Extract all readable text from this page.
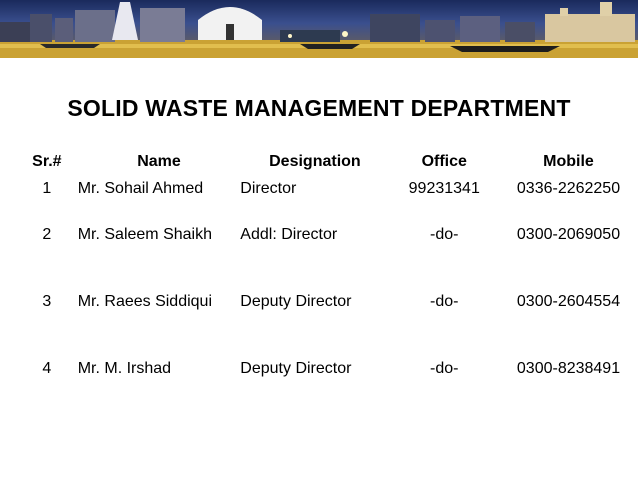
SOLID WASTE MANAGEMENT DEPARTMENT
Sr.#	Name	Designation	Office	Mobile
1	Mr. Sohail Ahmed	Director	99231341	0336-2262250
2	Mr. Saleem Shaikh	Addl: Director	-do-	0300-2069050
3	Mr. Raees Siddiqui	Deputy Director	-do-	0300-2604554
4	Mr. M. Irshad	Deputy Director	-do-	0300-8238491
